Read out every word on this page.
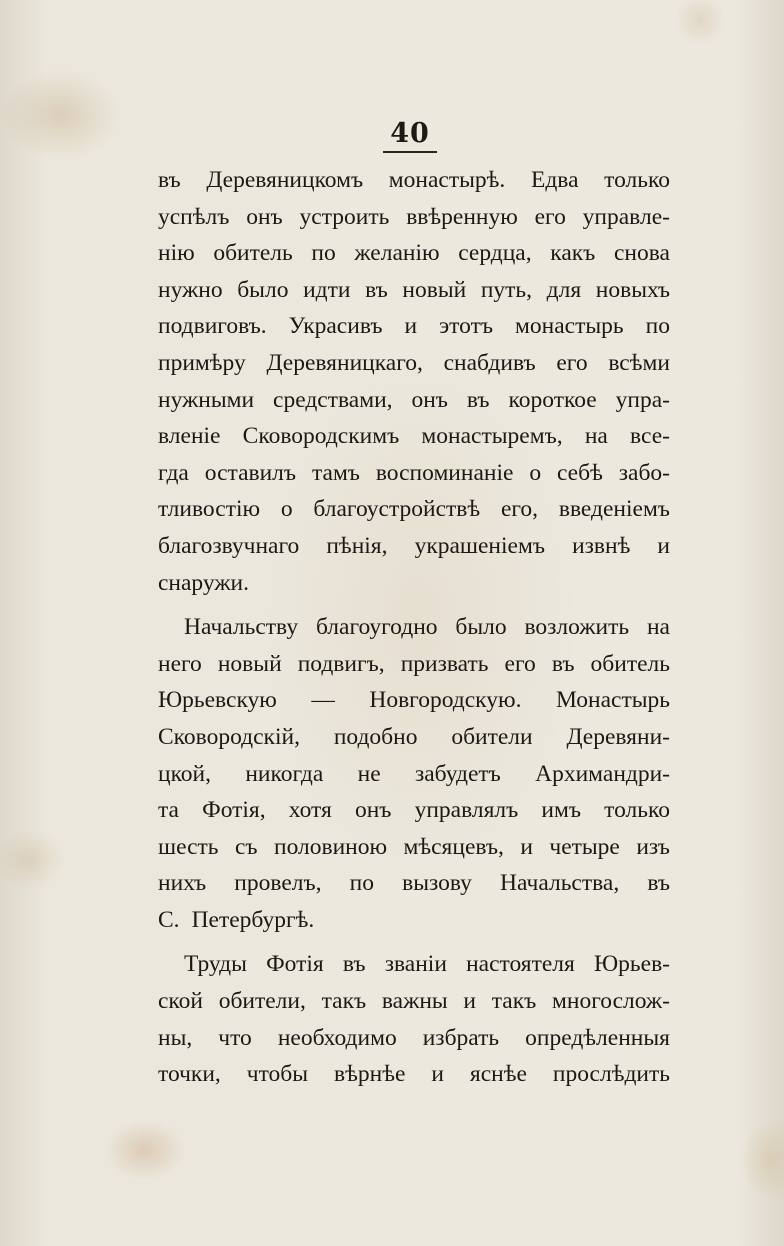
40
въ Деревяницкомъ монастырѣ. Едва только
успѣлъ онъ устроить ввѣренную его управле-
нію обитель по желанію сердца, какъ снова
нужно было идти въ новый путь, для новыхъ
подвиговъ. Украсивъ и этотъ монастырь по
примѣру Деревяницкаго, снабдивъ его всѣми
нужными средствами, онъ въ короткое упра-
вленіе Сковородскимъ монастыремъ, на все-
гда оставилъ тамъ воспоминаніе о себѣ забо-
тливостію о благоустройствѣ его, введеніемъ
благозвучнаго пѣнія, украшеніемъ извнѣ и
снаружи.
Начальству благоугодно было возложить на
него новый подвигъ, призвать его въ обитель
Юрьевскую — Новгородскую. Монастырь
Сковородскій, подобно обители Деревяни-
цкой, никогда не забудетъ Архимандри-
та Фотія, хотя онъ управлялъ имъ только
шесть съ половиною мѣсяцевъ, и четыре изъ
нихъ провелъ, по вызову Начальства, въ
С. Петербургѣ.
Труды Фотія въ званіи настоятеля Юрьев-
ской обители, такъ важны и такъ многослож-
ны, что необходимо избрать опредѣленныя
точки, чтобы вѣрнѣе и яснѣе прослѣдить
